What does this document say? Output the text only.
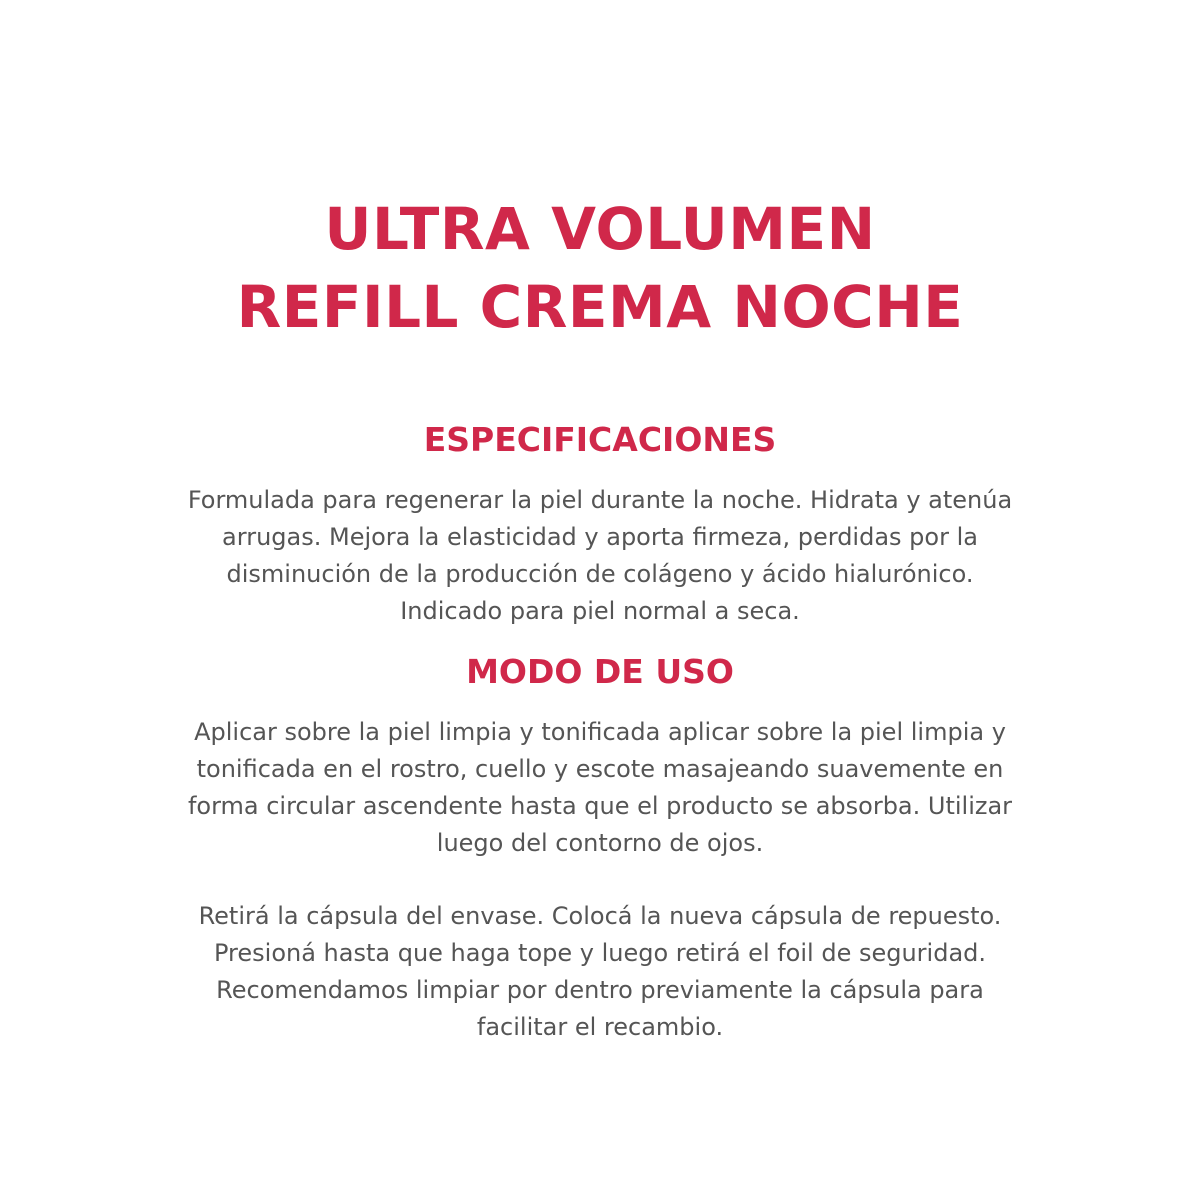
ULTRA VOLUMEN
REFILL CREMA NOCHE
ESPECIFICACIONES

Formulada para regenerar la piel durante la noche. Hidrata y atenúa
arrugas. Mejora la elasticidad y aporta firmeza, perdidas por la
disminución de la producción de colágeno y ácido hialurónico.
Indicado para piel normal a seca.

MODO DE USO

Aplicar sobre la piel limpia y tonificada aplicar sobre la piel limpia y
tonificada en el rostro, cuello y escote masajeando suavemente en
forma circular ascendente hasta que el producto se absorba. Utilizar
luego del contorno de ojos.

Retirá la cápsula del envase. Colocá la nueva cápsula de repuesto.
Presioná hasta que haga tope y luego retirá el foil de seguridad.
Recomendamos limpiar por dentro previamente la cápsula para
facilitar el recambio.
